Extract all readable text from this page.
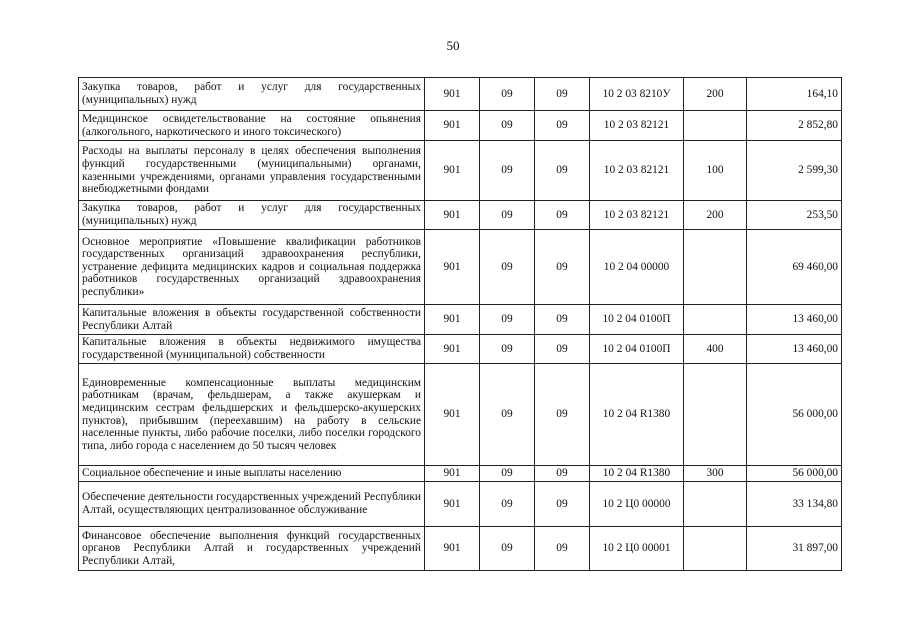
50
Закупка товаров, работ и услуг для государственных (муниципальных) нужд	901	09	09	10 2 03 8210У	200	164,10
Медицинское освидетельствование на состояние опьянения (алкогольного, наркотического и иного токсического)	901	09	09	10 2 03 82121		2 852,80
Расходы на выплаты персоналу в целях обеспечения выполнения функций государственными (муниципальными) органами, казенными учреждениями, органами управления государственными внебюджетными фондами	901	09	09	10 2 03 82121	100	2 599,30
Закупка товаров, работ и услуг для государственных (муниципальных) нужд	901	09	09	10 2 03 82121	200	253,50
Основное мероприятие «Повышение квалификации работников государственных организаций здравоохранения республики, устранение дефицита медицинских кадров и социальная поддержка работников государственных организаций здравоохранения республики»	901	09	09	10 2 04 00000		69 460,00
Капитальные вложения в объекты государственной собственности Республики Алтай	901	09	09	10 2 04 0100П		13 460,00
Капитальные вложения в объекты недвижимого имущества государственной (муниципальной) собственности	901	09	09	10 2 04 0100П	400	13 460,00
Единовременные компенсационные выплаты медицинским работникам (врачам, фельдшерам, а также акушеркам и медицинским сестрам фельдшерских и фельдшерско-акушерских пунктов), прибывшим (переехавшим) на работу в сельские населенные пункты, либо рабочие поселки, либо поселки городского типа, либо города с населением до 50 тысяч человек	901	09	09	10 2 04 R1380		56 000,00
Социальное обеспечение и иные выплаты населению	901	09	09	10 2 04 R1380	300	56 000,00
Обеспечение деятельности государственных учреждений Республики Алтай, осуществляющих централизованное обслуживание	901	09	09	10 2 Ц0 00000		33 134,80
Финансовое обеспечение выполнения функций государственных органов Республики Алтай и государственных учреждений Республики Алтай,	901	09	09	10 2 Ц0 00001		31 897,00
